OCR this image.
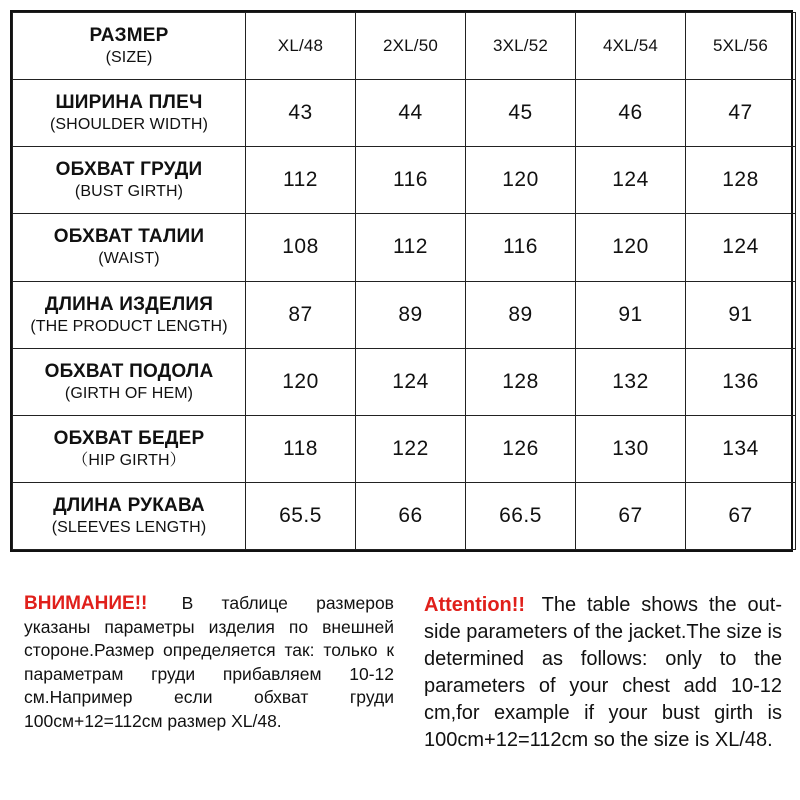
РАЗМЕР
(SIZE)	XL/48	2XL/50	3XL/52	4XL/54	5XL/56

ШИРИНА ПЛЕЧ
(SHOULDER WIDTH)	43	44	45	46	47

ОБХВАТ ГРУДИ
(BUST GIRTH)	112	116	120	124	128

ОБХВАТ ТАЛИИ
(WAIST)	108	112	116	120	124

ДЛИНА ИЗДЕЛИЯ
(THE PRODUCT LENGTH)	87	89	89	91	91

ОБХВАТ ПОДОЛА
(GIRTH OF HEM)	120	124	128	132	136

ОБХВАТ БЕДЕР
（HIP GIRTH）	118	122	126	130	134

ДЛИНА РУКАВА
(SLEEVES LENGTH)	65.5	66	66.5	67	67

ВНИМАНИЕ!! В таблице размеров указаны параметры изделия по внешней стороне.Размер определяется так: только к параметрам груди прибавляем 10-12 см.Например если обхват груди 100см+12=112см размер XL/48.

Attention!! The table shows the out-side parameters of the jacket.The size is determined as follows: only to the parameters of your chest add 10-12 cm,for example if your bust girth is 100cm+12=112cm so the size is XL/48.
